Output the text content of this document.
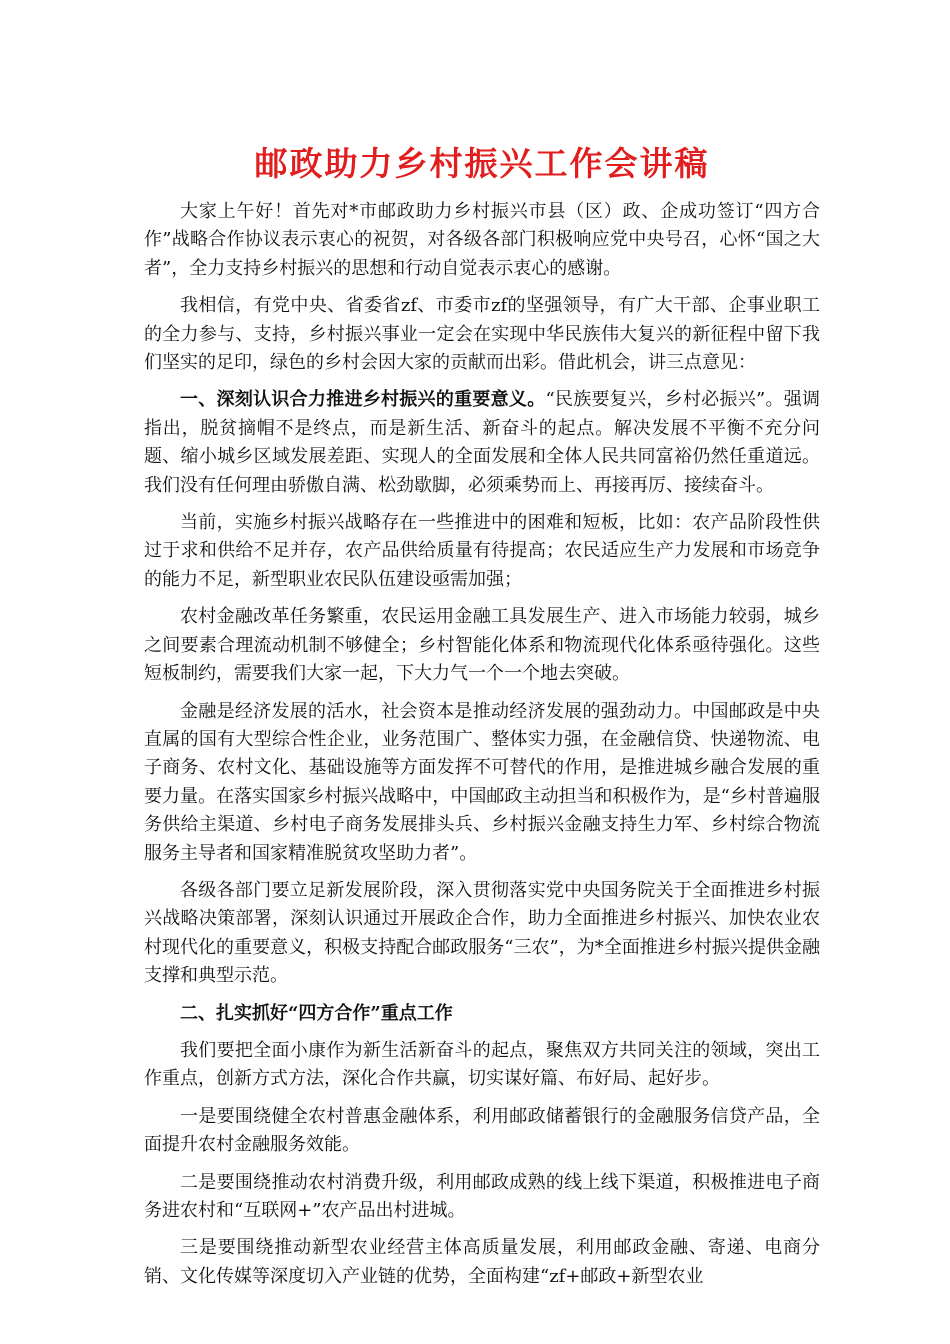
邮政助力乡村振兴工作会讲稿

大家上午好！首先对*市邮政助力乡村振兴市县（区）政、企成功签订“四方合作”战略合作协议表示衷心的祝贺，对各级各部门积极响应党中央号召，心怀“国之大者”，全力支持乡村振兴的思想和行动自觉表示衷心的感谢。

我相信，有党中央、省委省zf、市委市zf的坚强领导，有广大干部、企事业职工的全力参与、支持，乡村振兴事业一定会在实现中华民族伟大复兴的新征程中留下我们坚实的足印，绿色的乡村会因大家的贡献而出彩。借此机会，讲三点意见：

一、深刻认识合力推进乡村振兴的重要意义。“民族要复兴，乡村必振兴”。强调指出，脱贫摘帽不是终点，而是新生活、新奋斗的起点。解决发展不平衡不充分问题、缩小城乡区域发展差距、实现人的全面发展和全体人民共同富裕仍然任重道远。我们没有任何理由骄傲自满、松劲歇脚，必须乘势而上、再接再厉、接续奋斗。

当前，实施乡村振兴战略存在一些推进中的困难和短板，比如：农产品阶段性供过于求和供给不足并存，农产品供给质量有待提高；农民适应生产力发展和市场竞争的能力不足，新型职业农民队伍建设亟需加强；

农村金融改革任务繁重，农民运用金融工具发展生产、进入市场能力较弱，城乡之间要素合理流动机制不够健全；乡村智能化体系和物流现代化体系亟待强化。这些短板制约，需要我们大家一起，下大力气一个一个地去突破。

金融是经济发展的活水，社会资本是推动经济发展的强劲动力。中国邮政是中央直属的国有大型综合性企业，业务范围广、整体实力强，在金融信贷、快递物流、电子商务、农村文化、基础设施等方面发挥不可替代的作用，是推进城乡融合发展的重要力量。在落实国家乡村振兴战略中，中国邮政主动担当和积极作为，是“乡村普遍服务供给主渠道、乡村电子商务发展排头兵、乡村振兴金融支持生力军、乡村综合物流服务主导者和国家精准脱贫攻坚助力者”。

各级各部门要立足新发展阶段，深入贯彻落实党中央国务院关于全面推进乡村振兴战略决策部署，深刻认识通过开展政企合作，助力全面推进乡村振兴、加快农业农村现代化的重要意义，积极支持配合邮政服务“三农”，为*全面推进乡村振兴提供金融支撑和典型示范。

二、扎实抓好“四方合作”重点工作

我们要把全面小康作为新生活新奋斗的起点，聚焦双方共同关注的领域，突出工作重点，创新方式方法，深化合作共赢，切实谋好篇、布好局、起好步。

一是要围绕健全农村普惠金融体系，利用邮政储蓄银行的金融服务信贷产品，全面提升农村金融服务效能。

二是要围绕推动农村消费升级，利用邮政成熟的线上线下渠道，积极推进电子商务进农村和“互联网+”农产品出村进城。

三是要围绕推动新型农业经营主体高质量发展，利用邮政金融、寄递、电商分销、文化传媒等深度切入产业链的优势，全面构建“zf+邮政+新型农业
